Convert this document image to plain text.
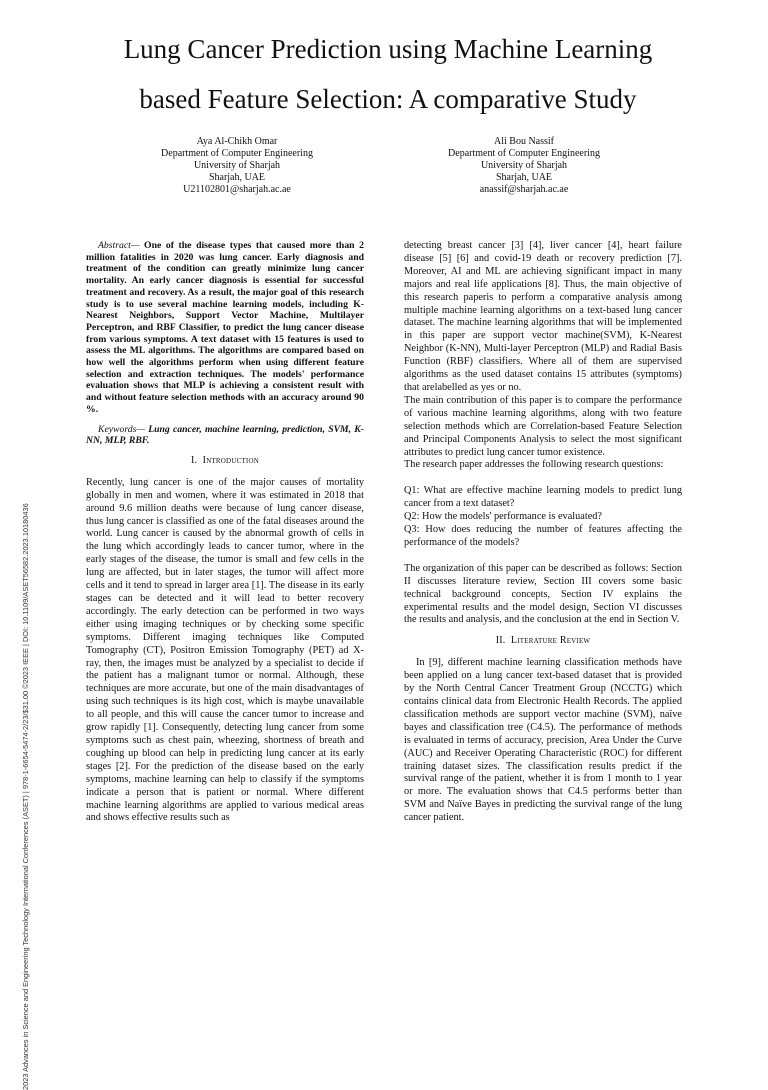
2023 Advances in Science and Engineering Technology International Conferences (ASET) | 978-1-6654-5474-2/23/$31.00 ©2023 IEEE | DOI: 10.1109/ASET56582.2023.10180436
Lung Cancer Prediction using Machine Learning
based Feature Selection: A comparative Study
Aya Al-Chikh Omar
Department of Computer Engineering
University of Sharjah
Sharjah, UAE
U21102801@sharjah.ac.ae
Ali Bou Nassif
Department of Computer Engineering
University of Sharjah
Sharjah, UAE
anassif@sharjah.ac.ae

Abstract— One of the disease types that caused more than 2 million fatalities in 2020 was lung cancer. Early diagnosis and treatment of the condition can greatly minimize lung cancer mortality. An early cancer diagnosis is essential for successful treatment and recovery. As a result, the major goal of this research study is to use several machine learning models, including K-Nearest Neighbors, Support Vector Machine, Multilayer Perceptron, and RBF Classifier, to predict the lung cancer disease from various symptoms. A text dataset with 15 features is used to assess the ML algorithms. The algorithms are compared based on how well the algorithms perform when using different feature selection and extraction techniques. The models' performance evaluation shows that MLP is achieving a consistent result with and without feature selection methods with an accuracy around 90 %.

Keywords— Lung cancer, machine learning, prediction, SVM, K-NN, MLP, RBF.

I. Introduction

Recently, lung cancer is one of the major causes of mortality globally in men and women, where it was estimated in 2018 that around 9.6 million deaths were because of lung cancer disease, thus lung cancer is classified as one of the fatal diseases around the world. Lung cancer is caused by the abnormal growth of cells in the lung which accordingly leads to cancer tumor, where in the early stages of the disease, the tumor is small and few cells in the lung are affected, but in later stages, the tumor will affect more cells and it tend to spread in larger area [1]. The disease in its early stages can be detected and it will lead to better recovery accordingly. The early detection can be performed in two ways either using imaging techniques or by checking some specific symptoms. Different imaging techniques like Computed Tomography (CT), Positron Emission Tomography (PET) ad X-ray, then, the images must be analyzed by a specialist to decide if the patient has a malignant tumor or normal. Although, these techniques are more accurate, but one of the main disadvantages of using such techniques is its high cost, which is maybe unavailable to all people, and this will cause the cancer tumor to increase and grow rapidly [1]. Consequently, detecting lung cancer from some symptoms such as chest pain, wheezing, shortness of breath and coughing up blood can help in predicting lung cancer at its early stages [2]. For the prediction of the disease based on the early symptoms, machine learning can help to classify if the symptoms indicate a person that is patient or normal. Where different machine learning algorithms are applied to various medical areas and shows effective results such as

detecting breast cancer [3] [4], liver cancer [4], heart failure disease [5] [6] and covid-19 death or recovery prediction [7]. Moreover, AI and ML are achieving significant impact in many majors and real life applications [8]. Thus, the main objective of this research paperis to perform a comparative analysis among multiple machine learning algorithms on a text-based lung cancer dataset. The machine learning algorithms that will be implemented in this paper are support vector machine(SVM), K-Nearest Neighbor (K-NN), Multi-layer Perceptron (MLP) and Radial Basis Function (RBF) classifiers. Where all of them are supervised algorithms as the used dataset contains 15 attributes (symptoms) that arelabelled as yes or no.

The main contribution of this paper is to compare the performance of various machine learning algorithms, along with two feature selection methods which are Correlation-based Feature Selection and Principal Components Analysis to select the most significant attributes to predict lung cancer tumor existence.

The research paper addresses the following research questions:

Q1: What are effective machine learning models to predict lung cancer from a text dataset?

Q2: How the models' performance is evaluated?

Q3: How does reducing the number of features affecting the performance of the models?

The organization of this paper can be described as follows: Section II discusses literature review, Section III covers some basic technical background concepts, Section IV explains the experimental results and the model design, Section VI discusses the results and analysis, and the conclusion at the end in Section V.

II. Literature Review

In [9], different machine learning classification methods have been applied on a lung cancer text-based dataset that is provided by the North Central Cancer Treatment Group (NCCTG) which contains clinical data from Electronic Health Records. The applied classification methods are support vector machine (SVM), naïve bayes and classification tree (C4.5). The performance of methods is evaluated in terms of accuracy, precision, Area Under the Curve (AUC) and Receiver Operating Characteristic (ROC) for different training dataset sizes. The classification results predict if the survival range of the patient, whether it is from 1 month to 1 year or more. The evaluation shows that C4.5 performs better than SVM and Naïve Bayes in predicting the survival range of the lung cancer patient.
